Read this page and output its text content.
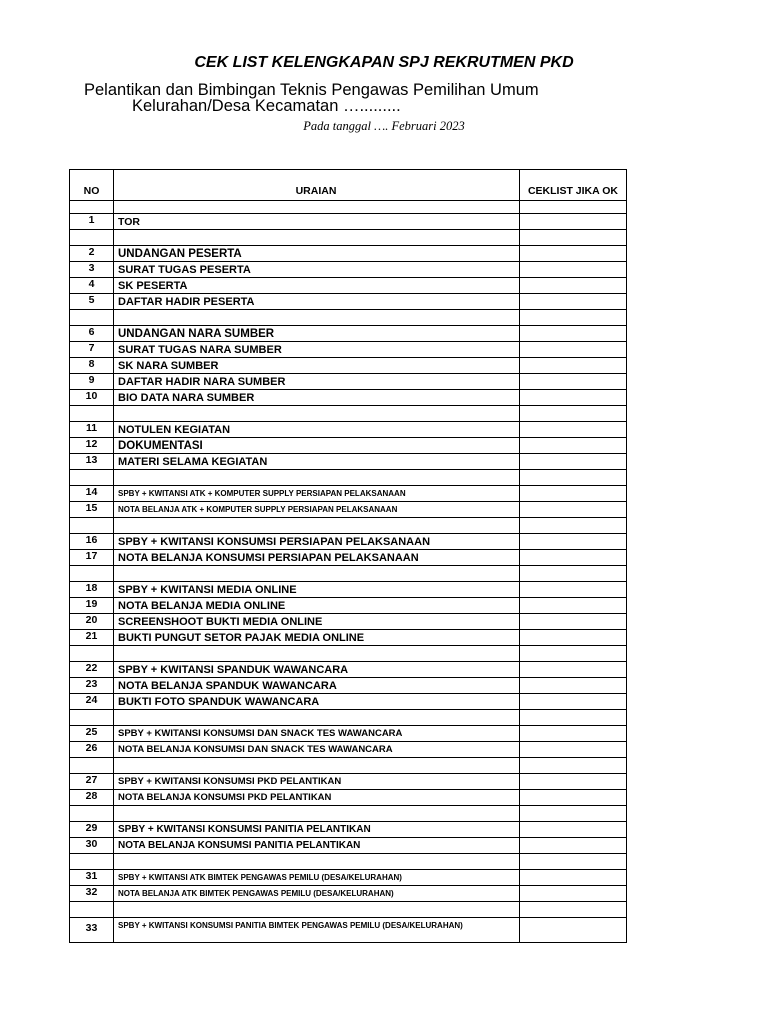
CEK LIST KELENGKAPAN SPJ REKRUTMEN PKD
Pelantikan dan Bimbingan Teknis Pengawas Pemilihan Umum
Kelurahan/Desa Kecamatan ….........
Pada tanggal …. Februari 2023
NO	URAIAN	CEKLIST JIKA OK
1	TOR
2	UNDANGAN PESERTA
3	SURAT TUGAS PESERTA
4	SK PESERTA
5	DAFTAR HADIR PESERTA
6	UNDANGAN NARA SUMBER
7	SURAT TUGAS NARA SUMBER
8	SK NARA SUMBER
9	DAFTAR HADIR NARA SUMBER
10	BIO DATA NARA SUMBER
11	NOTULEN KEGIATAN
12	DOKUMENTASI
13	MATERI SELAMA KEGIATAN
14	SPBY + KWITANSI ATK + KOMPUTER SUPPLY PERSIAPAN PELAKSANAAN
15	NOTA BELANJA ATK + KOMPUTER SUPPLY PERSIAPAN PELAKSANAAN
16	SPBY + KWITANSI KONSUMSI PERSIAPAN PELAKSANAAN
17	NOTA BELANJA KONSUMSI PERSIAPAN PELAKSANAAN
18	SPBY + KWITANSI MEDIA ONLINE
19	NOTA BELANJA MEDIA ONLINE
20	SCREENSHOOT BUKTI MEDIA ONLINE
21	BUKTI PUNGUT SETOR PAJAK MEDIA ONLINE
22	SPBY + KWITANSI SPANDUK WAWANCARA
23	NOTA BELANJA SPANDUK WAWANCARA
24	BUKTI FOTO SPANDUK WAWANCARA
25	SPBY + KWITANSI KONSUMSI DAN SNACK TES WAWANCARA
26	NOTA BELANJA KONSUMSI DAN SNACK TES WAWANCARA
27	SPBY + KWITANSI KONSUMSI PKD PELANTIKAN
28	NOTA BELANJA KONSUMSI PKD PELANTIKAN
29	SPBY + KWITANSI KONSUMSI PANITIA PELANTIKAN
30	NOTA BELANJA KONSUMSI PANITIA PELANTIKAN
31	SPBY + KWITANSI ATK BIMTEK PENGAWAS PEMILU (DESA/KELURAHAN)
32	NOTA BELANJA ATK BIMTEK PENGAWAS PEMILU (DESA/KELURAHAN)
33	SPBY + KWITANSI KONSUMSI PANITIA BIMTEK PENGAWAS PEMILU (DESA/KELURAHAN)
